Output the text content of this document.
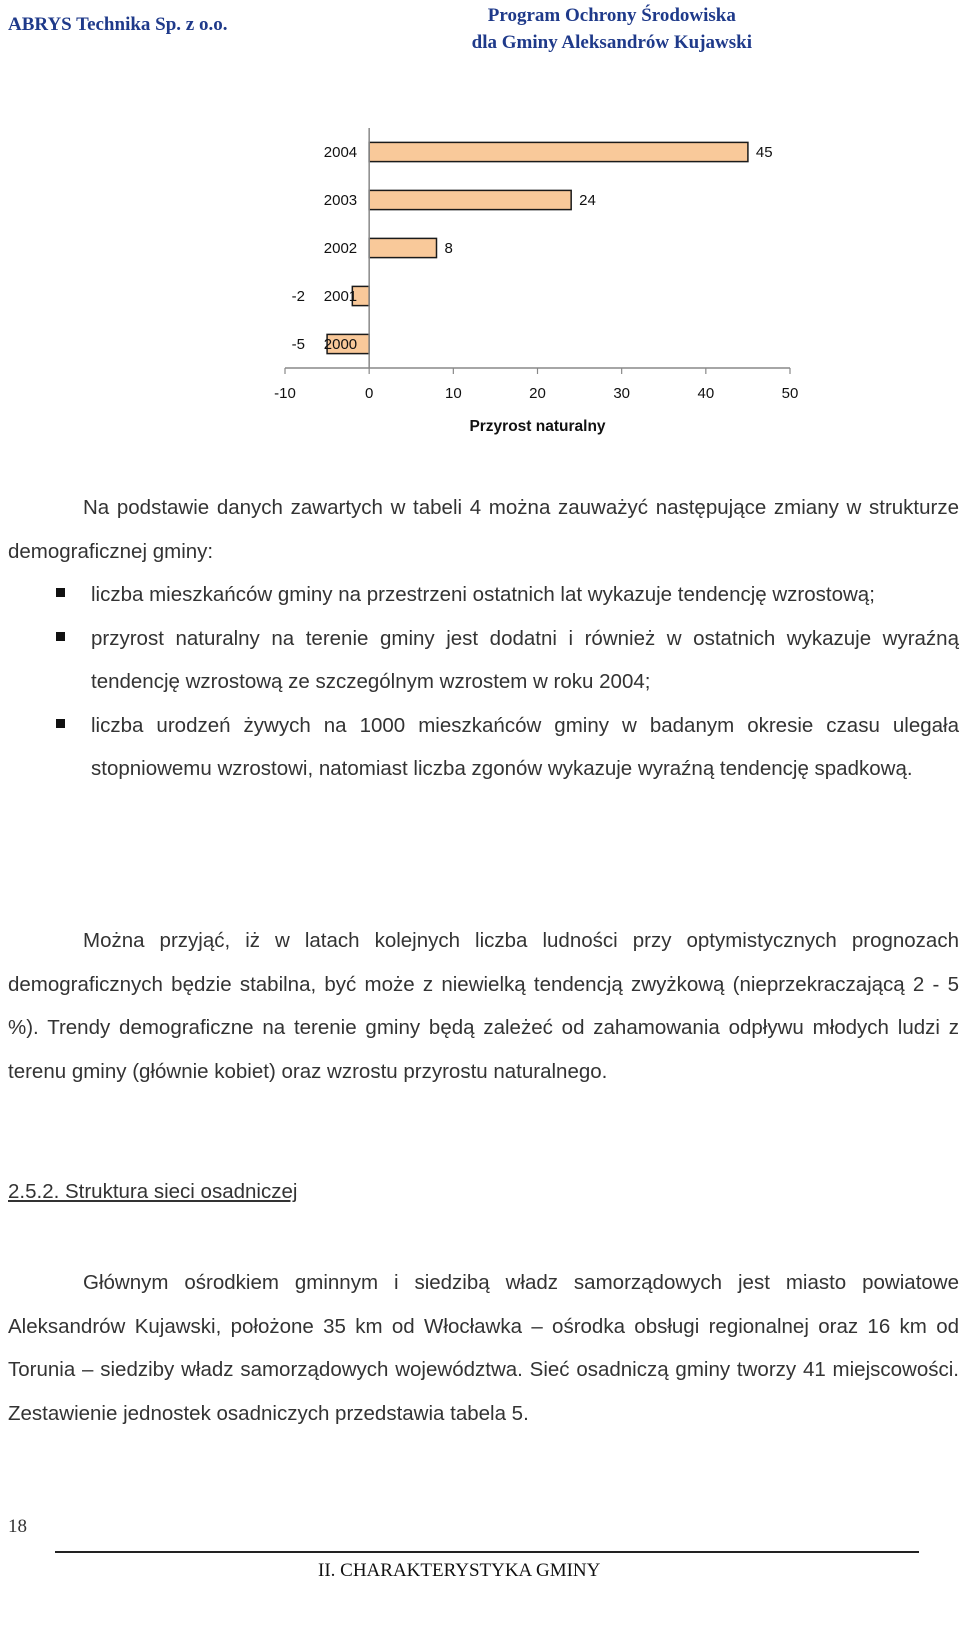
ABRYS Technika Sp. z o.o.	Program Ochrony Środowiska
dla Gminy Aleksandrów Kujawski
2000
-5
2001
-2
2002	8
2003	24
2004	45
-10	0	10	20	30	40	50
Przyrost naturalny

Na podstawie danych zawartych w tabeli 4 można zauważyć następujące zmiany w strukturze demograficznej gminy:

liczba mieszkańców gminy na przestrzeni ostatnich lat wykazuje tendencję wzrostową;
przyrost naturalny na terenie gminy jest dodatni i również w ostatnich wykazuje wyraźną tendencję wzrostową ze szczególnym wzrostem w roku 2004;
liczba urodzeń żywych na 1000 mieszkańców gminy w badanym okresie czasu ulegała stopniowemu wzrostowi, natomiast liczba zgonów wykazuje wyraźną tendencję spadkową.

Można przyjąć, iż w latach kolejnych liczba ludności przy optymistycznych prognozach demograficznych będzie stabilna, być może z niewielką tendencją zwyżkową (nieprzekraczającą 2 - 5 %). Trendy demograficzne na terenie gminy będą zależeć od zahamowania odpływu młodych ludzi z terenu gminy (głównie kobiet) oraz wzrostu przyrostu naturalnego.

2.5.2. Struktura sieci osadniczej

Głównym ośrodkiem gminnym i siedzibą władz samorządowych jest miasto powiatowe Aleksandrów Kujawski, położone 35 km od Włocławka – ośrodka obsługi regionalnej oraz 16 km od Torunia – siedziby władz samorządowych województwa. Sieć osadniczą gminy tworzy 41 miejscowości. Zestawienie jednostek osadniczych przedstawia tabela 5.

18
II. CHARAKTERYSTYKA GMINY
